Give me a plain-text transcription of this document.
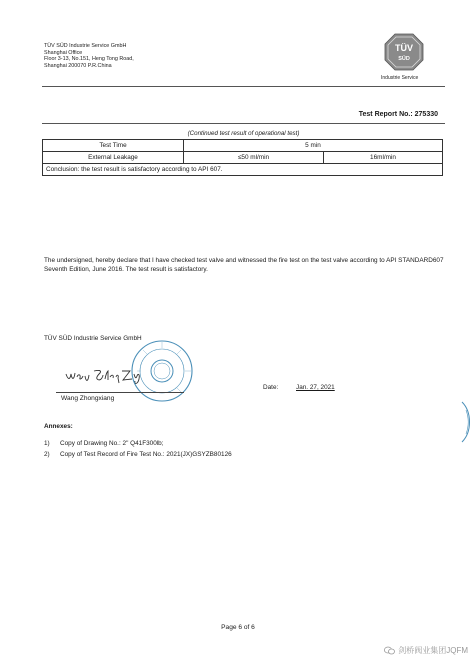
TÜV SÜD Industrie Service GmbH
Shanghai Office
Floor 3-13, No.151, Heng Tong Road,
Shanghai 200070 P.R.China
TÜV
SÜD
Industrie Service
Test Report No.: 275330
(Continued test result of operational test)
Test Time	5 min	
External Leakage	≤50 ml/min	16ml/min
Conclusion: the test result is satisfactory according to API 607.		
The undersigned, hereby declare that I have checked test valve and witnessed the fire test on the test valve according to API STANDARD607 Seventh Edition, June 2016. The test result is satisfactory.
TÜV SÜD Industrie Service GmbH
Wang Zhongxiang
Date:	Jan. 27, 2021
Annexes:
1) Copy of Drawing No.: 2" Q41F300lb;
2) Copy of Test Record of Fire Test No.: 2021(JX)GSYZB80126
Page 6 of 6
剑桥阀业集团JQFM
